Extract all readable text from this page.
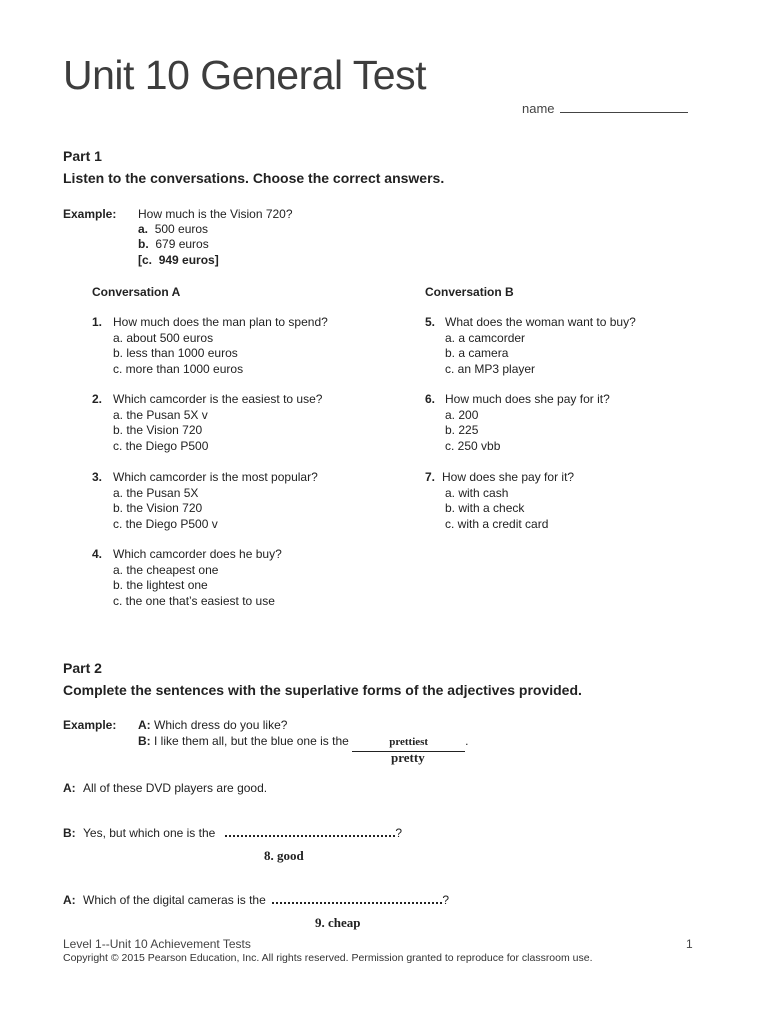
Unit 10 General Test
name
Part 1
Listen to the conversations. Choose the correct answers.
Example: How much is the Vision 720?
a. 500 euros
b. 679 euros
[c. 949 euros]
Conversation A	Conversation B
1. How much does the man plan to spend?
a. about 500 euros
b. less than 1000 euros
c. more than 1000 euros
2. Which camcorder is the easiest to use?
a. the Pusan 5X v
b. the Vision 720
c. the Diego P500
3. Which camcorder is the most popular?
a. the Pusan 5X
b. the Vision 720
c. the Diego P500 v
4. Which camcorder does he buy?
a. the cheapest one
b. the lightest one
c. the one that’s easiest to use
5. What does the woman want to buy?
a. a camcorder
b. a camera
c. an MP3 player
6. How much does she pay for it?
a. 200
b. 225
c. 250 vbb
7. How does she pay for it?
a. with cash
b. with a check
c. with a credit card
Part 2
Complete the sentences with the superlative forms of the adjectives provided.
Example: A: Which dress do you like?
B: I like them all, but the blue one is the	prettiest	.
pretty
A: All of these DVD players are good.
B: Yes, but which one is the	?
8. good
A: Which of the digital cameras is the	?
9. cheap
Level 1--Unit 10 Achievement Tests	1
Copyright © 2015 Pearson Education, Inc. All rights reserved. Permission granted to reproduce for classroom use.
